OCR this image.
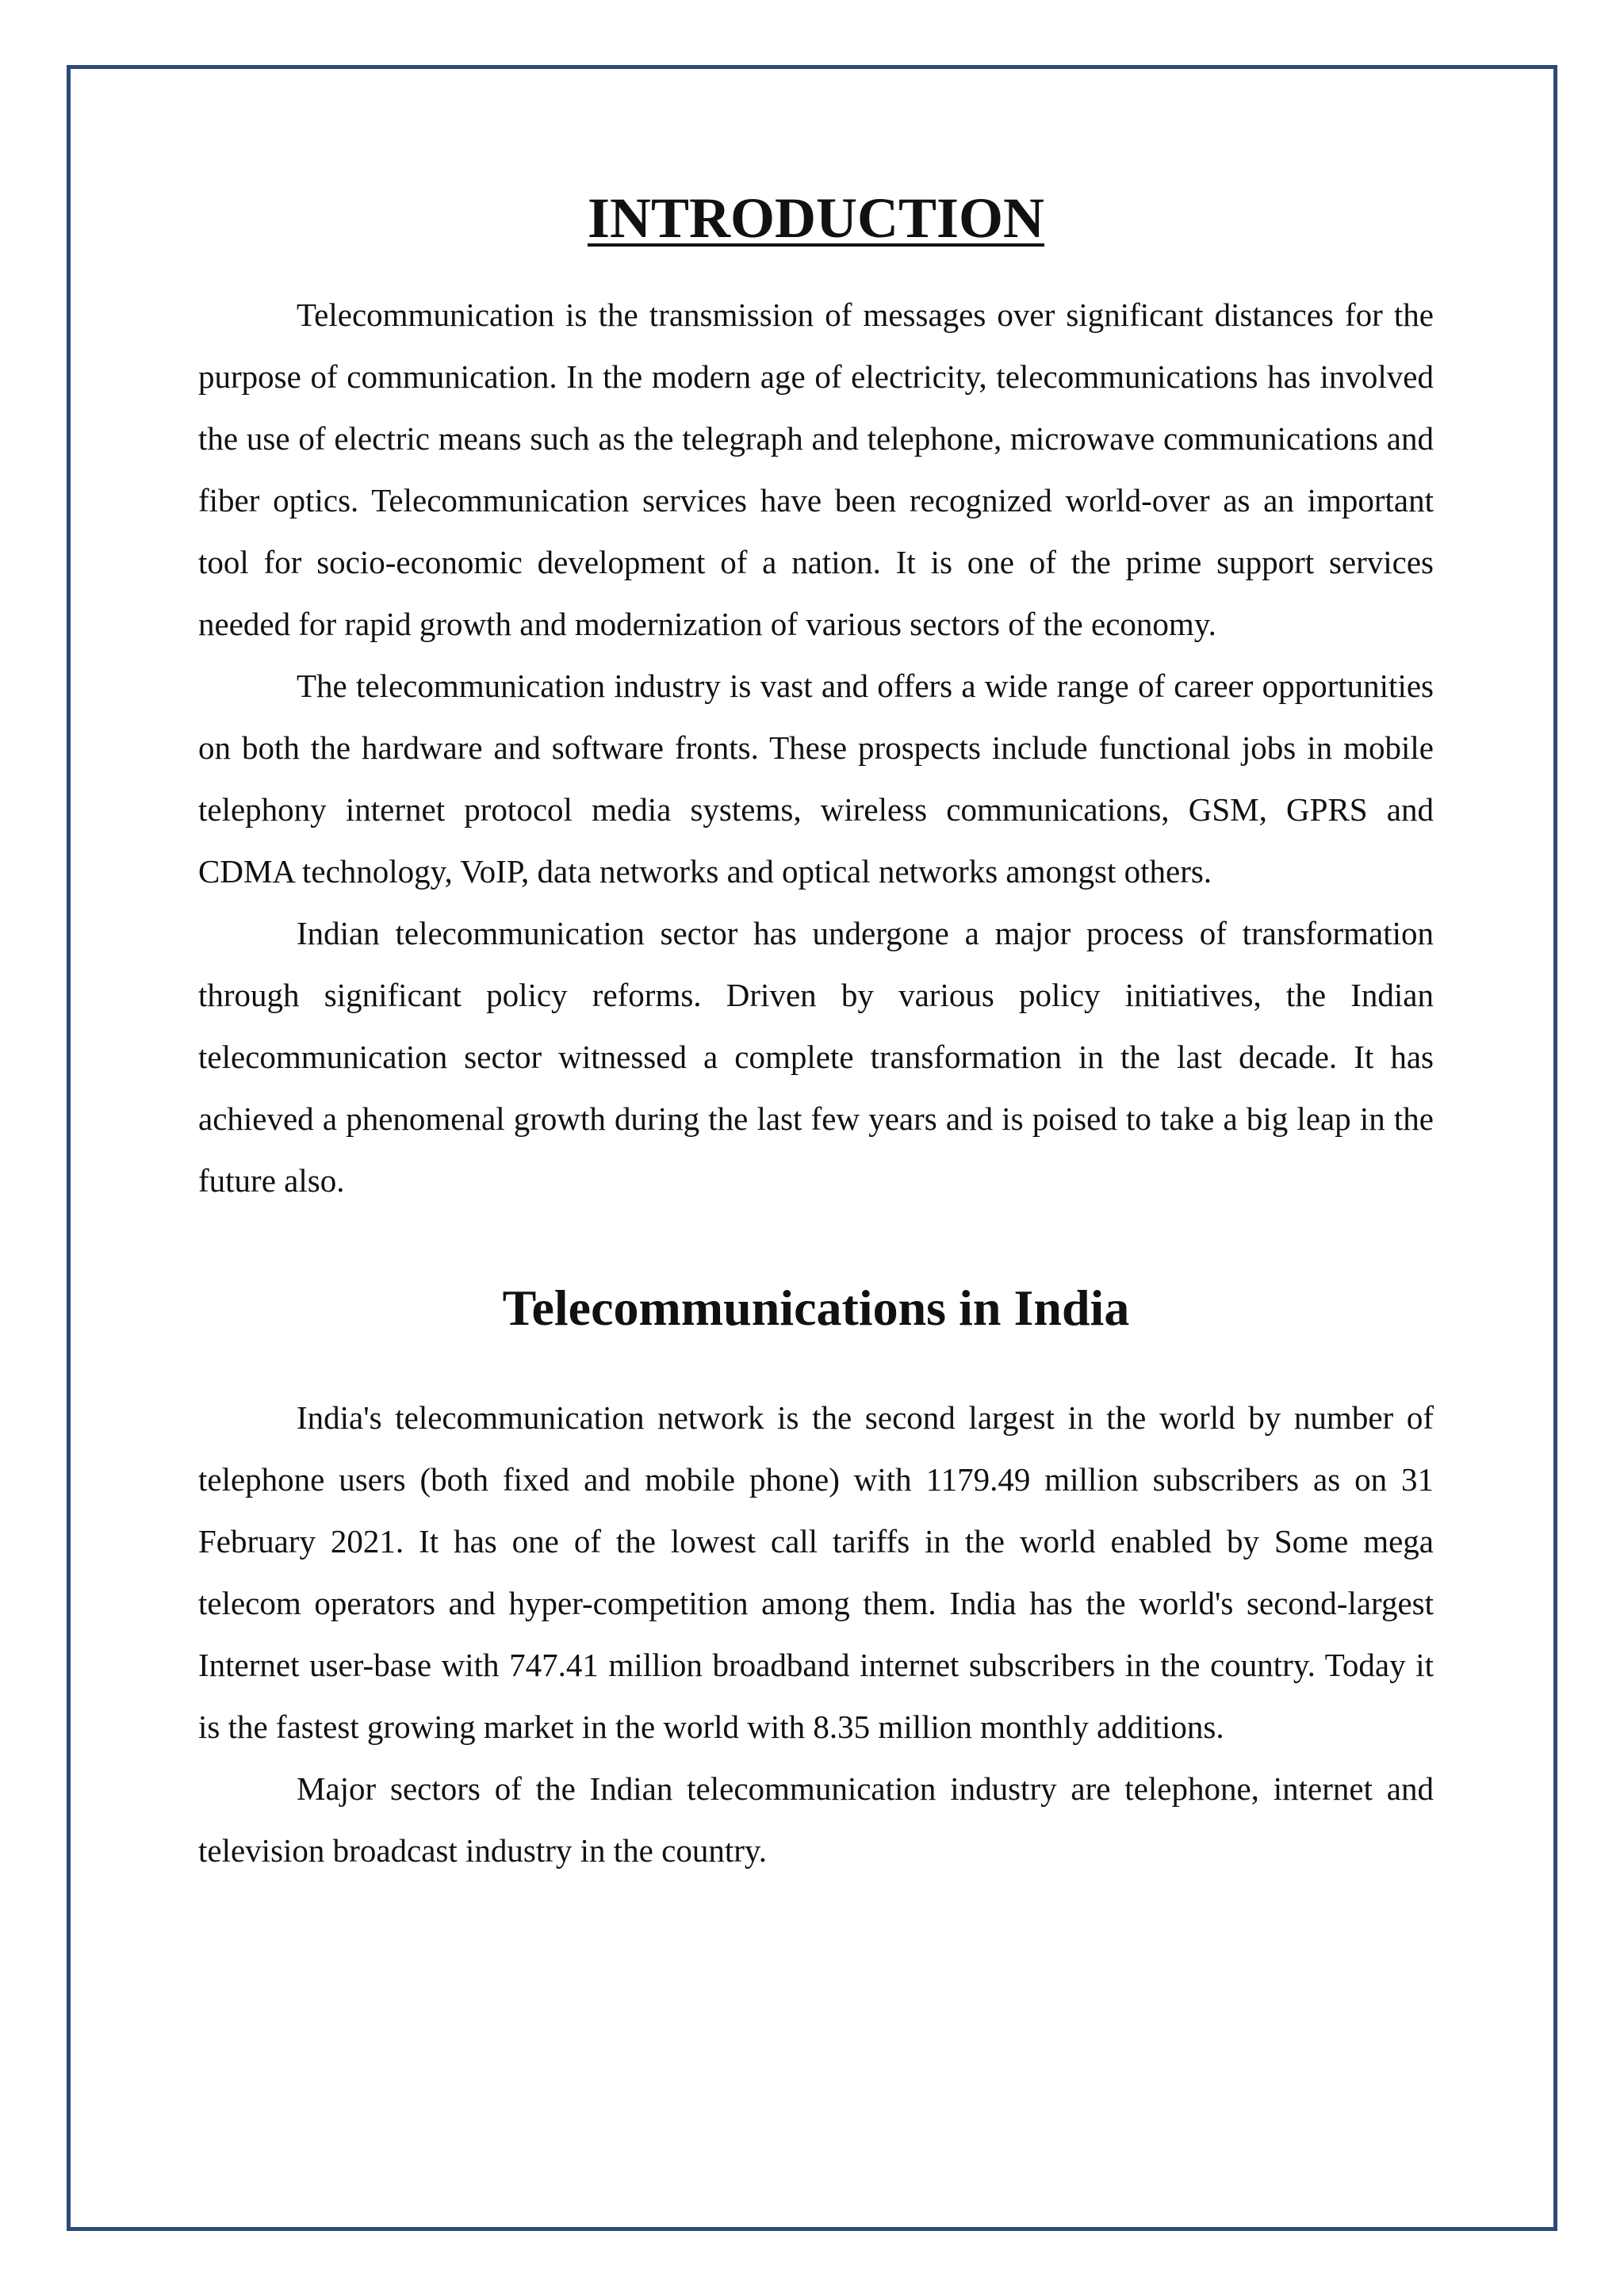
INTRODUCTION

Telecommunication is the transmission of messages over significant distances for the purpose of communication. In the modern age of electricity, telecommunications has involved the use of electric means such as the telegraph and telephone, microwave communications and fiber optics. Telecommunication services have been recognized world-over as an important tool for socio-economic development of a nation. It is one of the prime support services needed for rapid growth and modernization of various sectors of the economy.

The telecommunication industry is vast and offers a wide range of career opportunities on both the hardware and software fronts. These prospects include functional jobs in mobile telephony internet protocol media systems, wireless communications, GSM, GPRS and CDMA technology, VoIP, data networks and optical networks amongst others.

Indian telecommunication sector has undergone a major process of transformation through significant policy reforms. Driven by various policy initiatives, the Indian telecommunication sector witnessed a complete transformation in the last decade. It has achieved a phenomenal growth during the last few years and is poised to take a big leap in the future also.

Telecommunications in India

India's telecommunication network is the second largest in the world by number of telephone users (both fixed and mobile phone) with 1179.49 million subscribers as on 31 February 2021. It has one of the lowest call tariffs in the world enabled by Some mega telecom operators and hyper-competition among them. India has the world's second-largest Internet user-base with 747.41 million broadband internet subscribers in the country. Today it is the fastest growing market in the world with 8.35 million monthly additions.

Major sectors of the Indian telecommunication industry are telephone, internet and television broadcast industry in the country.
